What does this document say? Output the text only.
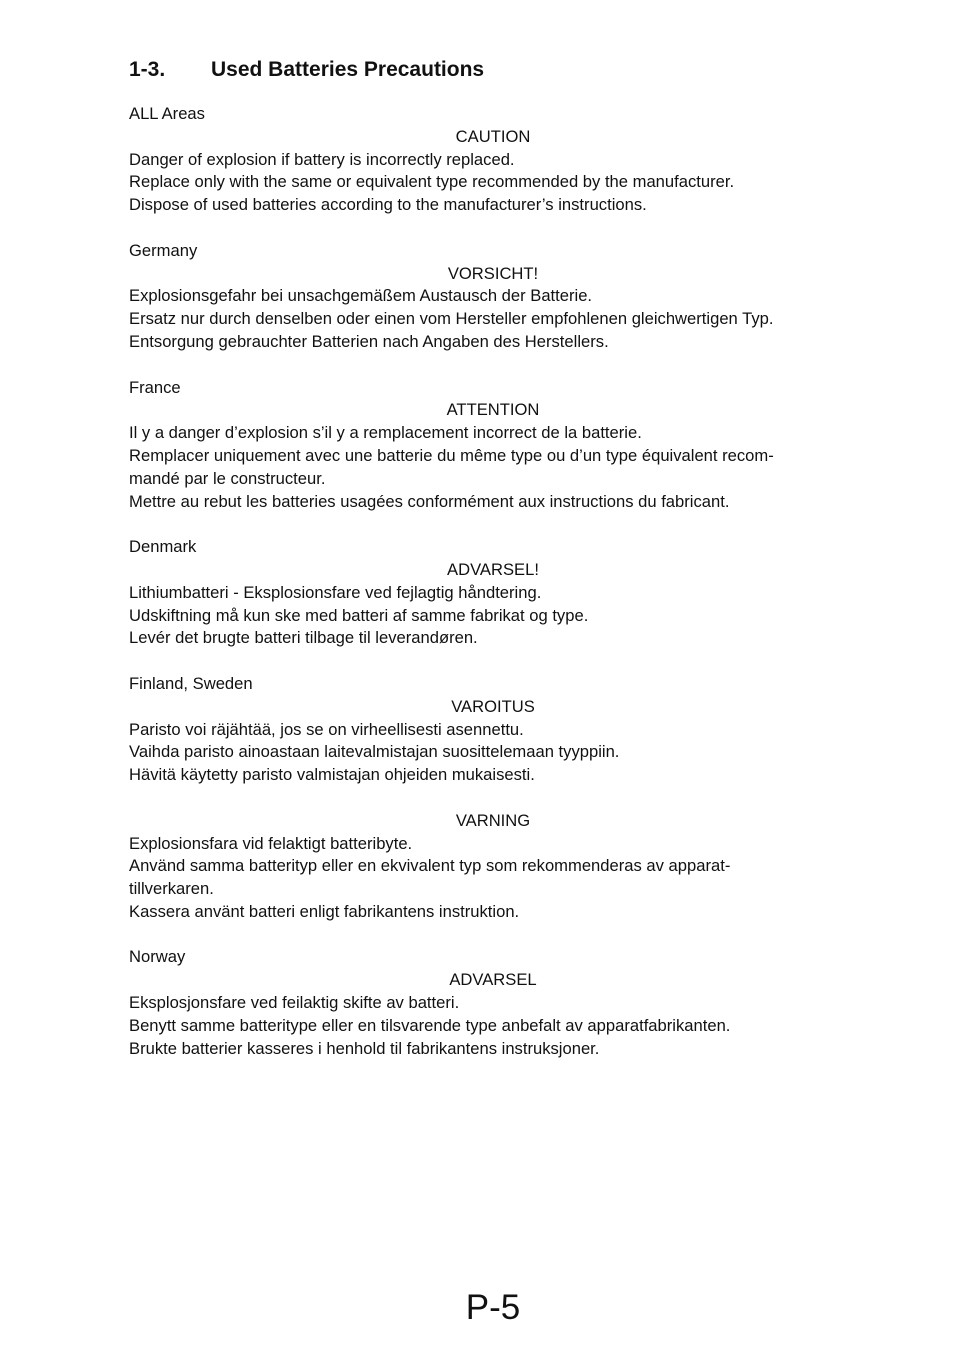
1-3. Used Batteries Precautions
ALL Areas
CAUTION
Danger of explosion if battery is incorrectly replaced.
Replace only with the same or equivalent type recommended by the manufacturer.
Dispose of used batteries according to the manufacturer’s instructions.
Germany
VORSICHT!
Explosionsgefahr bei unsachgemäßem Austausch der Batterie.
Ersatz nur durch denselben oder einen vom Hersteller empfohlenen gleichwertigen Typ.
Entsorgung gebrauchter Batterien nach Angaben des Herstellers.
France
ATTENTION
Il y a danger d’explosion s’il y a remplacement incorrect de la batterie.
Remplacer uniquement avec une batterie du même type ou d’un type équivalent recom-
mandé par le constructeur.
Mettre au rebut les batteries usagées conformément aux instructions du fabricant.
Denmark
ADVARSEL!
Lithiumbatteri - Eksplosionsfare ved fejlagtig håndtering.
Udskiftning må kun ske med batteri af samme fabrikat og type.
Levér det brugte batteri tilbage til leverandøren.
Finland, Sweden
VAROITUS
Paristo voi räjähtää, jos se on virheellisesti asennettu.
Vaihda paristo ainoastaan laitevalmistajan suosittelemaan tyyppiin.
Hävitä käytetty paristo valmistajan ohjeiden mukaisesti.
VARNING
Explosionsfara vid felaktigt batteribyte.
Använd samma batterityp eller en ekvivalent typ som rekommenderas av apparat-
tillverkaren.
Kassera använt batteri enligt fabrikantens instruktion.
Norway
ADVARSEL
Eksplosjonsfare ved feilaktig skifte av batteri.
Benytt samme batteritype eller en tilsvarende type anbefalt av apparatfabrikanten.
Brukte batterier kasseres i henhold til fabrikantens instruksjoner.
P-5
